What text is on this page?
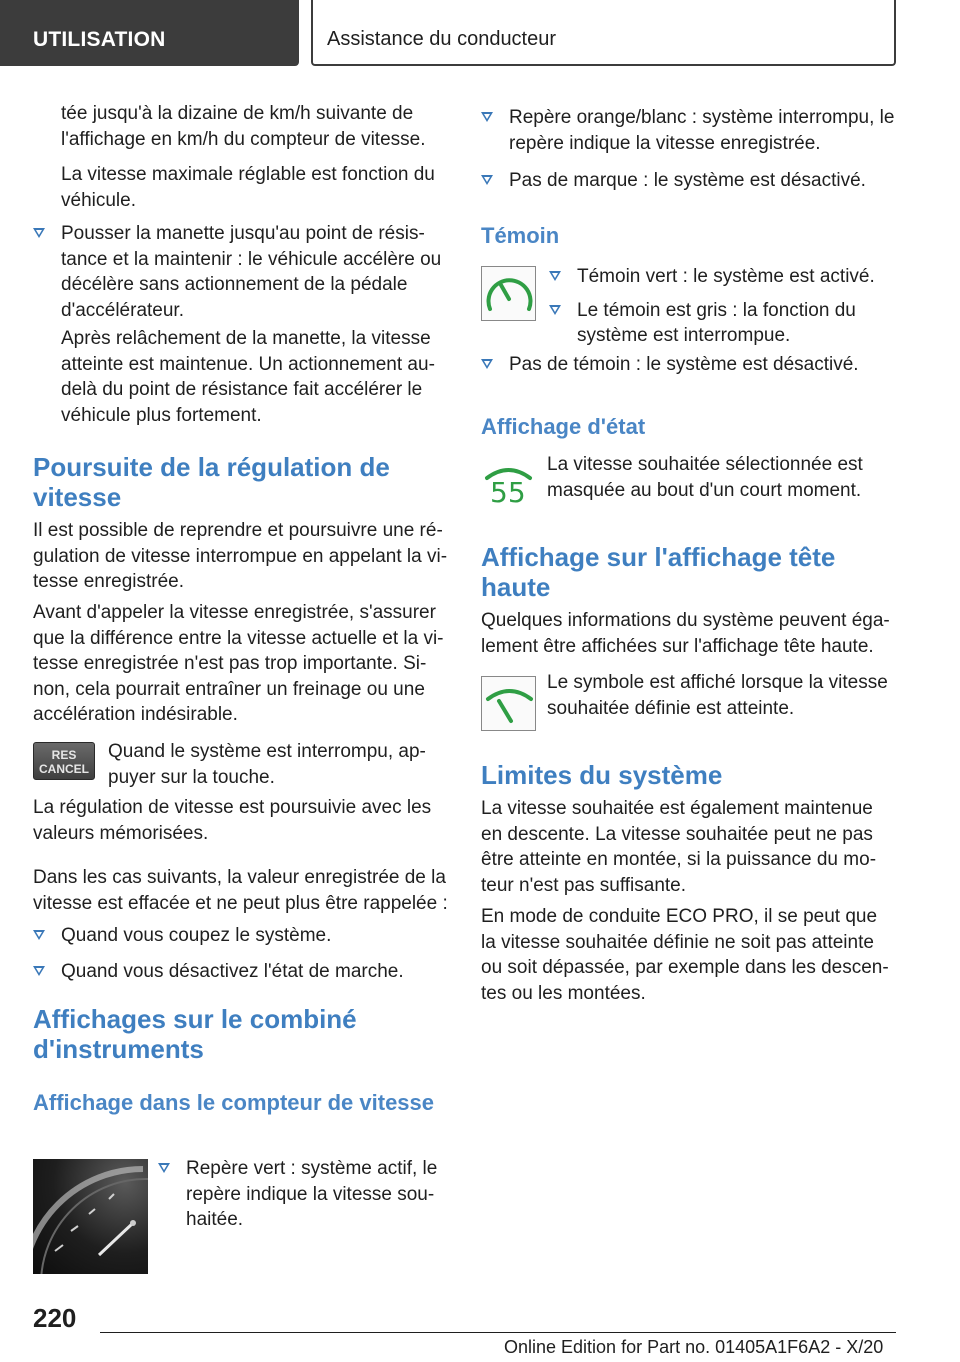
UTILISATION	Assistance du conducteur

tée jusqu'à la dizaine de km/h suivante de l'affichage en km/h du compteur de vitesse.

La vitesse maximale réglable est fonction du véhicule.

Pousser la manette jusqu'au point de résistance et la maintenir : le véhicule accélère ou décélère sans actionnement de la pédale d'accélérateur.

Après relâchement de la manette, la vitesse atteinte est maintenue. Un actionnement au-delà du point de résistance fait accélérer le véhicule plus fortement.

Poursuite de la régulation de vitesse

Il est possible de reprendre et poursuivre une régulation de vitesse interrompue en appelant la vitesse enregistrée.

Avant d'appeler la vitesse enregistrée, s'assurer que la différence entre la vitesse actuelle et la vitesse enregistrée n'est pas trop importante. Sinon, cela pourrait entraîner un freinage ou une accélération indésirable.

RES
CANCEL

Quand le système est interrompu, appuyer sur la touche.

La régulation de vitesse est poursuivie avec les valeurs mémorisées.

Dans les cas suivants, la valeur enregistrée de la vitesse est effacée et ne peut plus être rappelée :

Quand vous coupez le système.
Quand vous désactivez l'état de marche.
Affichages sur le combiné d'instruments
Affichage dans le compteur de vitesse
Repère vert : système actif, le repère indique la vitesse souhaitée.
Repère orange/blanc : système interrompu, le repère indique la vitesse enregistrée.
Pas de marque : le système est désactivé.
Témoin
Témoin vert : le système est activé.
Le témoin est gris : la fonction du système est interrompue.
Pas de témoin : le système est désactivé.
Affichage d'état
55

La vitesse souhaitée sélectionnée est masquée au bout d'un court moment.

Affichage sur l'affichage tête haute

Quelques informations du système peuvent également être affichées sur l'affichage tête haute.

Le symbole est affiché lorsque la vitesse souhaitée définie est atteinte.

Limites du système

La vitesse souhaitée est également maintenue en descente. La vitesse souhaitée peut ne pas être atteinte en montée, si la puissance du moteur n'est pas suffisante.

En mode de conduite ECO PRO, il se peut que la vitesse souhaitée définie ne soit pas atteinte ou soit dépassée, par exemple dans les descentes ou les montées.

220
Online Edition for Part no. 01405A1F6A2 - X/20
